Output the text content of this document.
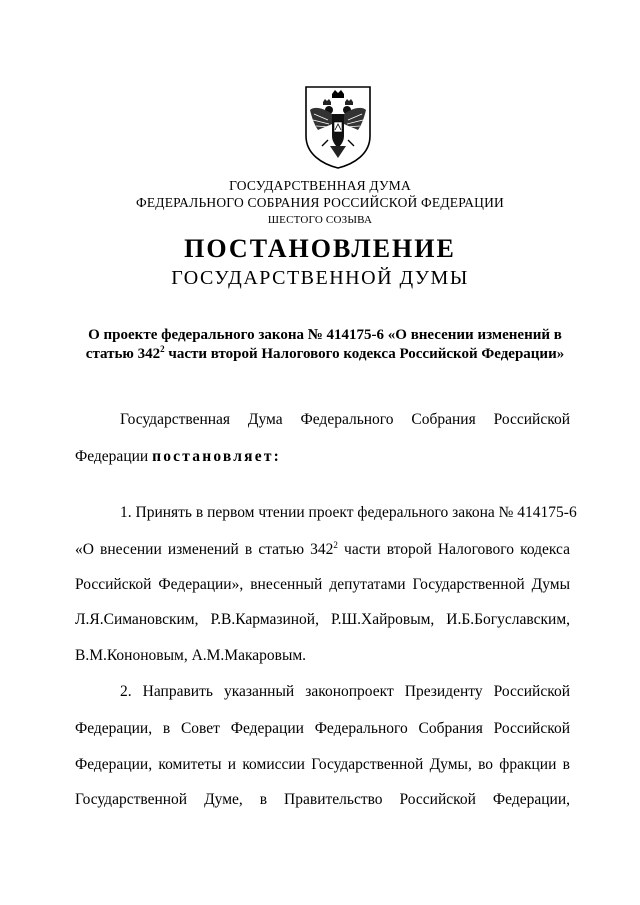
ГОСУДАРСТВЕННАЯ ДУМА
ФЕДЕРАЛЬНОГО СОБРАНИЯ РОССИЙСКОЙ ФЕДЕРАЦИИ
ШЕСТОГО СОЗЫВА
ПОСТАНОВЛЕНИЕ
ГОСУДАРСТВЕННОЙ ДУМЫ
О проекте федерального закона № 414175-6 «О внесении изменений в
статью $342^2$ части второй Налогового кодекса Российской Федерации»
Государственная Дума Федерального Собрания Российской
Федерации постановляет:
1. Принять в первом чтении проект федерального закона № 414175-6
«О внесении изменений в статью $342^2$ части второй Налогового кодекса
Российской Федерации», внесенный депутатами Государственной Думы
Л.Я.Симановским, Р.В.Кармазиной, Р.Ш.Хайровым, И.Б.Богуславским,
В.М.Кононовым, А.М.Макаровым.
2. Направить указанный законопроект Президенту Российской
Федерации, в Совет Федерации Федерального Собрания Российской
Федерации, комитеты и комиссии Государственной Думы, во фракции в
Государственной Думе, в Правительство Российской Федерации,
